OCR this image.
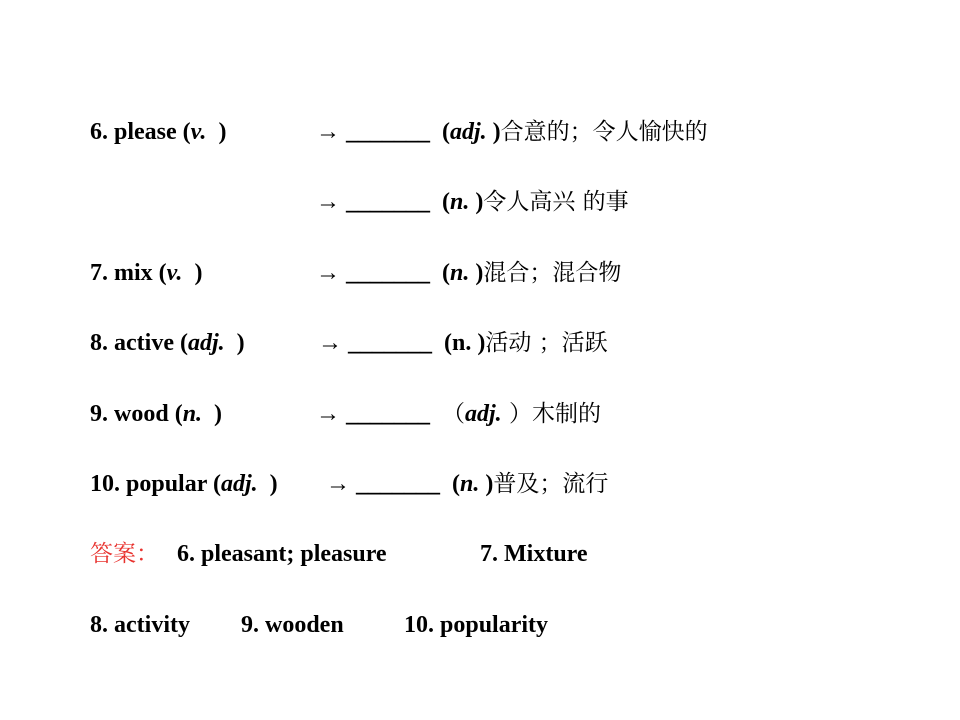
6. please (v.  )	→ _______  (adj. )合意的；令人愉快的
→ _______  (n. )令人高兴 的事
7. mix (v.  )	→ _______  (n. )混合；混合物
8. active (adj.  )	→ _______  (n. )活动 ；活跃
9. wood (n.  )	→ _______ （adj. ）木制的
10. popular (adj.  ) → _______  (n. )普及；流行
答案： 6. pleasant; pleasure	7. Mixture
8. activity 9. wooden	10. popularity
